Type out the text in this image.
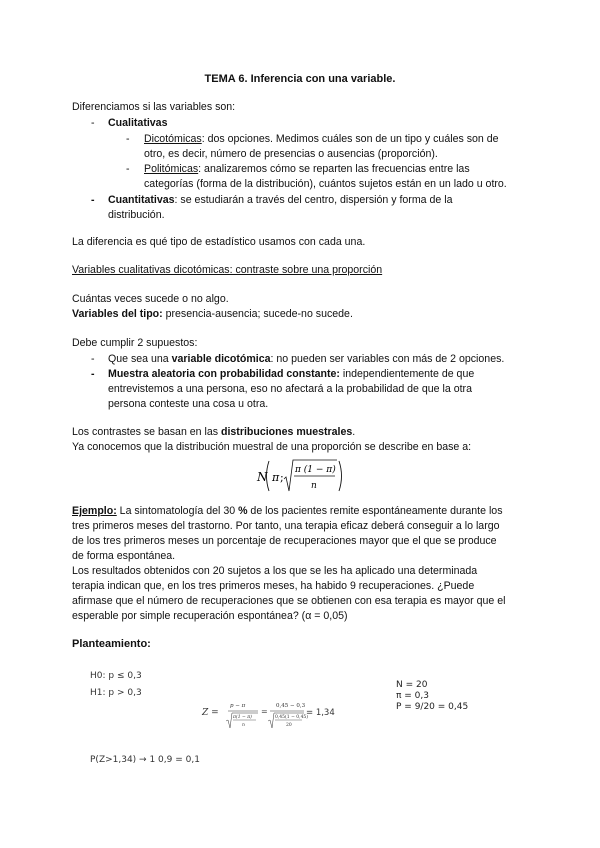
TEMA 6. Inferencia con una variable.
Diferenciamos si las variables son:
- Cualitativas
- Dicotómicas: dos opciones. Medimos cuáles son de un tipo y cuáles son de
otro, es decir, número de presencias o ausencias (proporción).
- Politómicas: analizaremos cómo se reparten las frecuencias entre las
categorías (forma de la distribución), cuántos sujetos están en un lado u otro.
- Cuantitativas: se estudiarán a través del centro, dispersión y forma de la
distribución.
La diferencia es qué tipo de estadístico usamos con cada una.
Variables cualitativas dicotómicas: contraste sobre una proporción
Cuántas veces sucede o no algo.
Variables del tipo: presencia-ausencia; sucede-no sucede.
Debe cumplir 2 supuestos:
- Que sea una variable dicotómica: no pueden ser variables con más de 2 opciones.
- Muestra aleatoria con probabilidad constante: independientemente de que
entrevistemos a una persona, eso no afectará a la probabilidad de que la otra
persona conteste una cosa u otra.
Los contrastes se basan en las distribuciones muestrales.
Ya conocemos que la distribución muestral de una proporción se describe en base a:
N π ;
π (1 − π)
n
Ejemplo: La sintomatología del 30 % de los pacientes remite espontáneamente durante los
tres primeros meses del trastorno. Por tanto, una terapia eficaz deberá conseguir a lo largo
de los tres primeros meses un porcentaje de recuperaciones mayor que el que se produce
de forma espontánea.
Los resultados obtenidos con 20 sujetos a los que se les ha aplicado una determinada
terapia indican que, en los tres primeros meses, ha habido 9 recuperaciones. ¿Puede
afirmase que el número de recuperaciones que se obtienen con esa terapia es mayor que el
esperable por simple recuperación espontánea? (α = 0,05)
Planteamiento:
H0: p ≤ 0,3
H1: p > 0,3
N = 20
π = 0,3
P = 9/20 = 0,45
Z =
p − π
π(1 − π)
n
=
0,45 − 0,3
0,45(1 − 0,45)
20
= 1,34
P(Z>1,34) → 1 0,9 = 0,1
